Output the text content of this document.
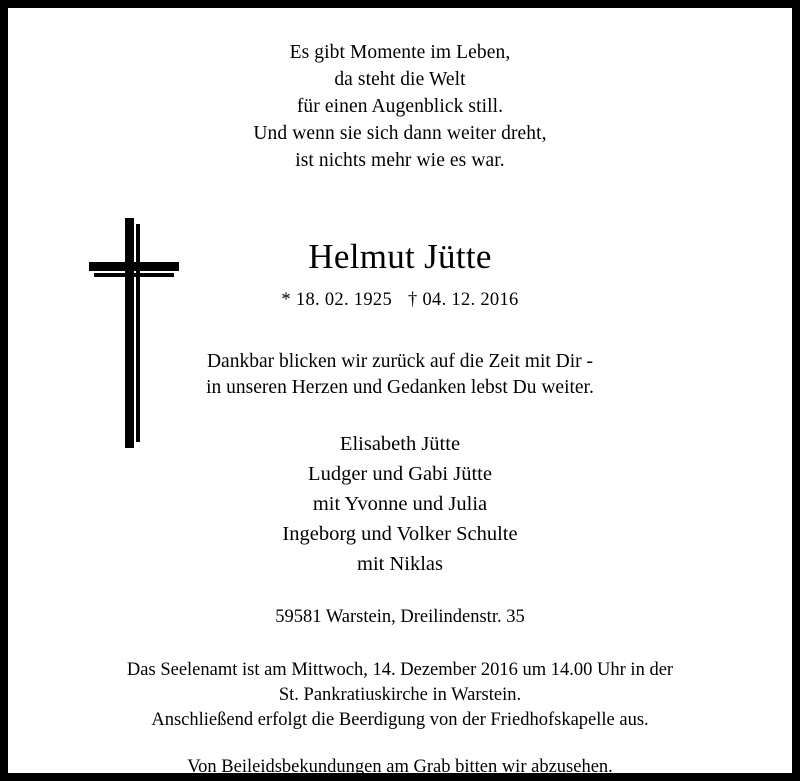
Es gibt Momente im Leben,
da steht die Welt
für einen Augenblick still.
Und wenn sie sich dann weiter dreht,
ist nichts mehr wie es war.
Helmut Jütte
* 18. 02. 1925 † 04. 12. 2016
Dankbar blicken wir zurück auf die Zeit mit Dir -
in unseren Herzen und Gedanken lebst Du weiter.
Elisabeth Jütte
Ludger und Gabi Jütte
mit Yvonne und Julia
Ingeborg und Volker Schulte
mit Niklas
59581 Warstein, Dreilindenstr. 35
Das Seelenamt ist am Mittwoch, 14. Dezember 2016 um 14.00 Uhr in der
St. Pankratiuskirche in Warstein.
Anschließend erfolgt die Beerdigung von der Friedhofskapelle aus.
Von Beileidsbekundungen am Grab bitten wir abzusehen.
